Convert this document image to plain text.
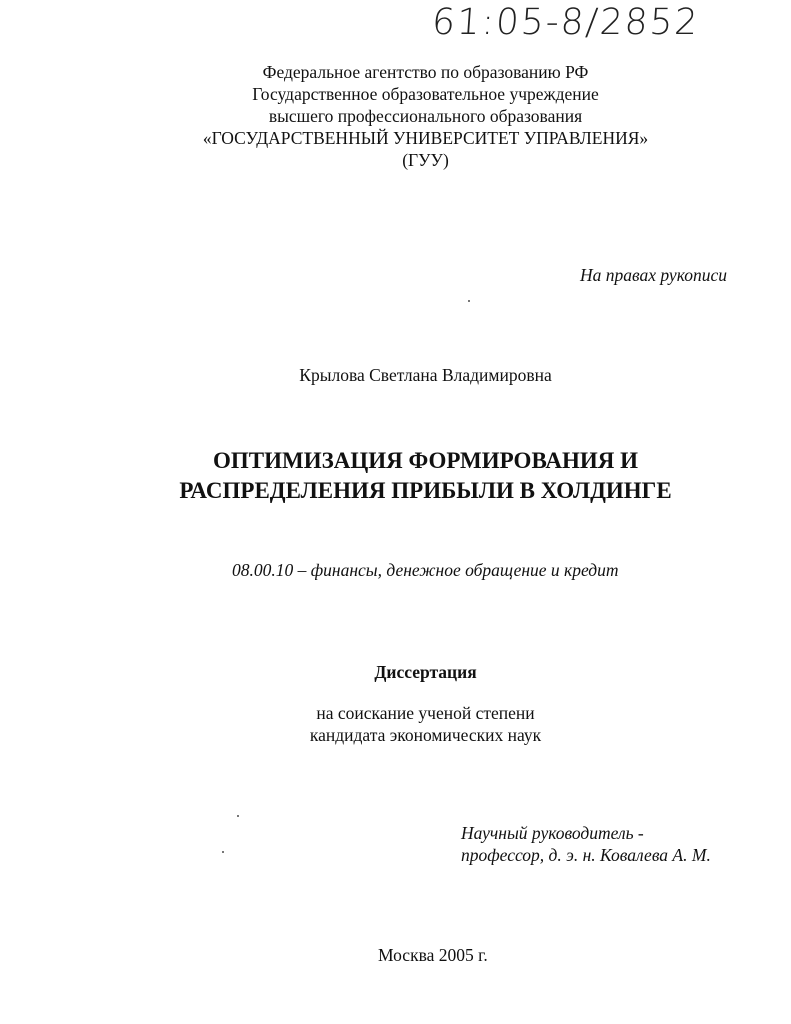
61:05-8/2852
Федеральное агентство по образованию РФ
Государственное образовательное учреждение
высшего профессионального образования
«ГОСУДАРСТВЕННЫЙ УНИВЕРСИТЕТ УПРАВЛЕНИЯ»
(ГУУ)
На правах рукописи
Крылова Светлана Владимировна
ОПТИМИЗАЦИЯ ФОРМИРОВАНИЯ И
РАСПРЕДЕЛЕНИЯ ПРИБЫЛИ В ХОЛДИНГЕ
08.00.10 – финансы, денежное обращение и кредит
Диссертация
на соискание ученой степени
кандидата экономических наук
Научный руководитель -
профессор, д. э. н. Ковалева А. М.
Москва 2005 г.
